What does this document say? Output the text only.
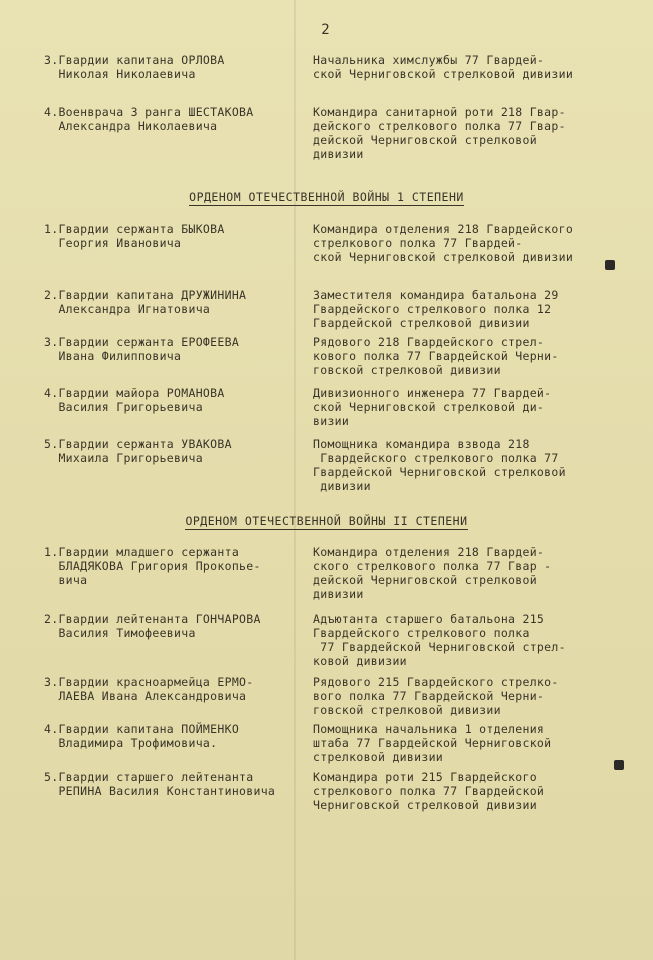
2
3.Гвардии капитана ОРЛОВА
Николая Николаевича
Начальника химслужбы 77 Гвардей-
ской Черниговской стрелковой дивизии
4.Военврача 3 ранга ШЕСТАКОВА
Александра Николаевича
Командира санитарной роти 218 Гвар-
дейского стрелкового полка 77 Гвар-
дейской Черниговской стрелковой
дивизии
ОРДЕНОМ ОТЕЧЕСТВЕННОЙ ВОЙНЫ 1 СТЕПЕНИ
1.Гвардии сержанта БЫКОВА
Георгия Ивановича
Командира отделения 218 Гвардейского
стрелкового полка 77 Гвардей-
ской Черниговской стрелковой дивизии
2.Гвардии капитана ДРУЖИНИНА
Александра Игнатовича
Заместителя командира батальона 29
Гвардейского стрелкового полка 12
Гвардейской стрелковой дивизии
3.Гвардии сержанта ЕРОФЕЕВА
Ивана Филипповича
Рядового 218 Гвардейского стрел-
кового полка 77 Гвардейской Черни-
говской стрелковой дивизии
4.Гвардии майора РОМАНОВА
Василия Григорьевича
Дивизионного инженера 77 Гвардей-
ской Черниговской стрелковой ди-
визии
5.Гвардии сержанта УВАКОВА
Михаила Григорьевича
Помощника командира взвода 218
Гвардейского стрелкового полка 77
Гвардейской Черниговской стрелковой
дивизии
ОРДЕНОМ ОТЕЧЕСТВЕННОЙ ВОЙНЫ II СТЕПЕНИ
1.Гвардии младшего сержанта
БЛАДЯКОВА Григория Прокопье-
вича
Командира отделения 218 Гвардей-
ского стрелкового полка 77 Гвар -
дейской Черниговской стрелковой
дивизии
2.Гвардии лейтенанта ГОНЧАРОВА
Василия Тимофеевича
Адъютанта старшего батальона 215
Гвардейского стрелкового полка
77 Гвардейской Черниговской стрел-
ковой дивизии
3.Гвардии красноармейца ЕРМО-
ЛАЕВА Ивана Александровича
Рядового 215 Гвардейского стрелко-
вого полка 77 Гвардейской Черни-
говской стрелковой дивизии
4.Гвардии капитана ПОЙМЕНКО
Владимира Трофимовича.
Помощника начальника 1 отделения
штаба 77 Гвардейской Черниговской
стрелковой дивизии
5.Гвардии старшего лейтенанта
РЕПИНА Василия Константиновича
Командира роти 215 Гвардейского
стрелкового полка 77 Гвардейской
Черниговской стрелковой дивизии
